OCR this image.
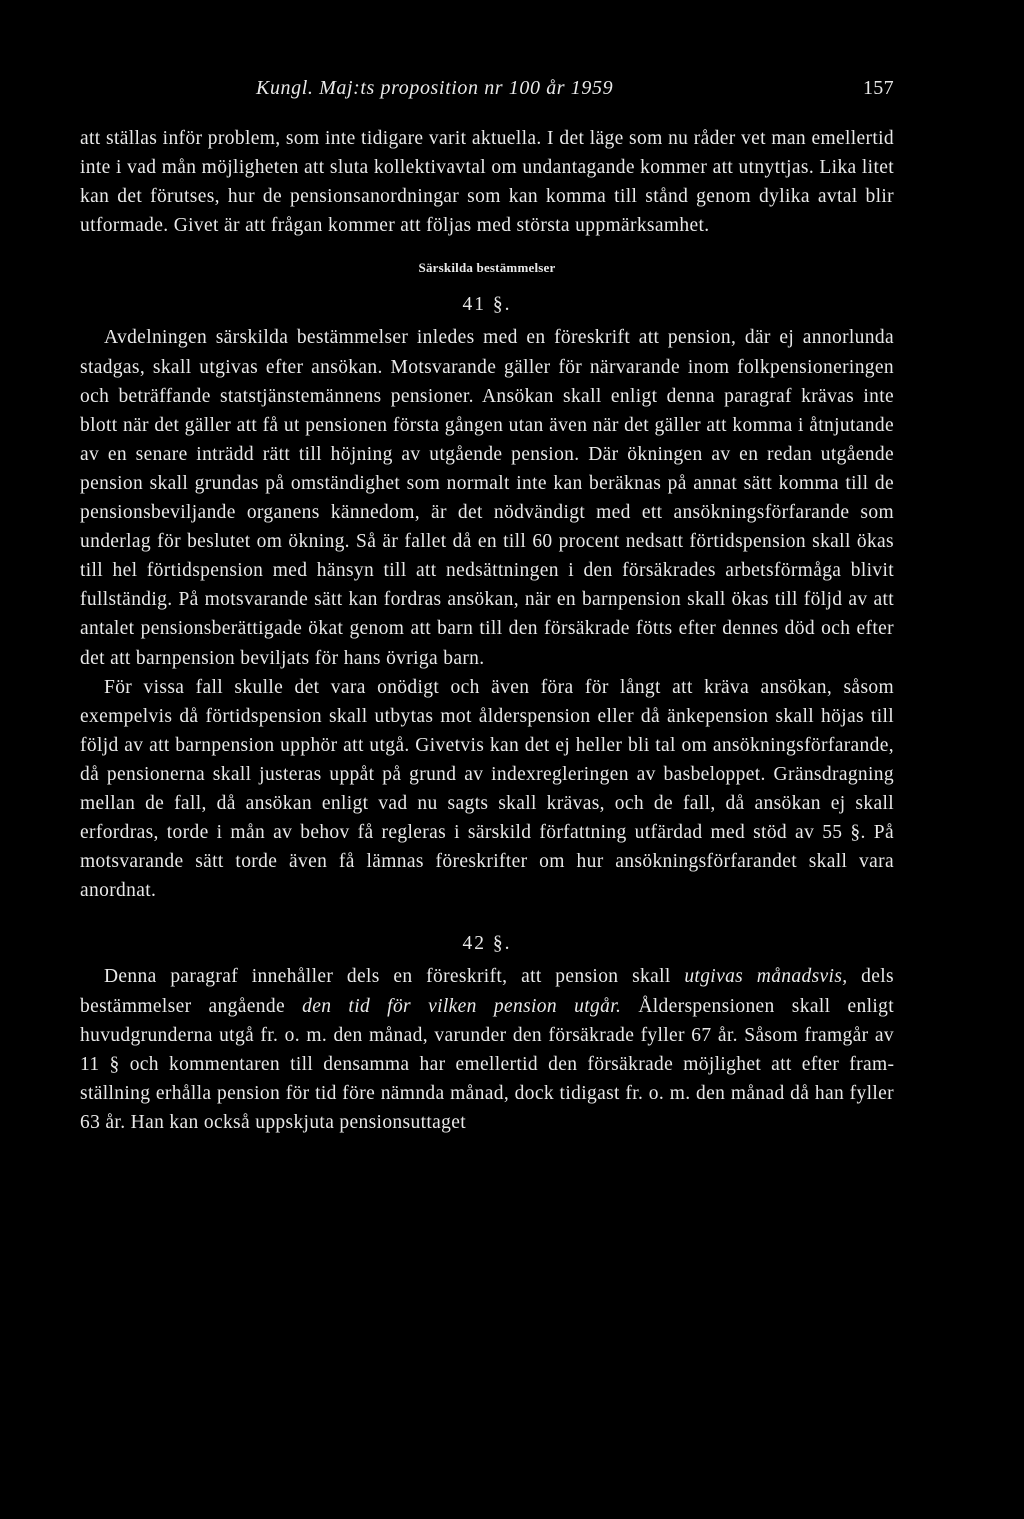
Kungl. Maj:ts proposition nr 100 år 1959	157

att ställas inför problem, som inte tidigare varit aktuella. I det läge som nu råder vet man emellertid inte i vad mån möjligheten att sluta kollektivavtal om undantagande kommer att utnyttjas. Lika litet kan det förutses, hur de pensionsanordningar som kan komma till stånd genom dylika avtal blir utformade. Givet är att frågan kommer att följas med största uppmärksamhet.

Särskilda bestämmelser
41 §.

Avdelningen särskilda bestämmelser inledes med en föreskrift att pension, där ej annorlunda stadgas, skall utgivas efter ansökan. Motsvarande gäller för närvarande inom folkpensioneringen och beträffande statstjänstemännens pensioner. Ansökan skall enligt denna paragraf krävas inte blott när det gäller att få ut pensionen första gången utan även när det gäller att komma i åtnjutande av en senare inträdd rätt till höjning av utgående pension. Där ökningen av en redan utgående pension skall grundas på omständighet som normalt inte kan beräknas på annat sätt komma till de pensionsbeviljande organens kännedom, är det nödvändigt med ett ansökningsförfarande som underlag för beslutet om ökning. Så är fallet då en till 60 procent nedsatt förtidspension skall ökas till hel förtidspension med hänsyn till att nedsättningen i den försäkrades arbetsförmåga blivit fullständig. På motsvarande sätt kan fordras ansökan, när en barnpension skall ökas till följd av att antalet pensionsberättigade ökat genom att barn till den försäkrade fötts efter dennes död och efter det att barnpension beviljats för hans övriga barn.

För vissa fall skulle det vara onödigt och även föra för långt att kräva ansökan, såsom exempelvis då förtidspension skall utbytas mot ålderspension eller då änkepension skall höjas till följd av att barnpension upphör att utgå. Givetvis kan det ej heller bli tal om ansökningsförfarande, då pensionerna skall justeras uppåt på grund av indexregleringen av basbeloppet. Gränsdragning mellan de fall, då ansökan enligt vad nu sagts skall krävas, och de fall, då ansökan ej skall erfordras, torde i mån av behov få regleras i särskild författning utfärdad med stöd av 55 §. På motsvarande sätt torde även få lämnas föreskrifter om hur ansökningsförfarandet skall vara anordnat.

42 §.

Denna paragraf innehåller dels en föreskrift, att pension skall utgivas månadsvis, dels bestämmelser angående den tid för vilken pension utgår. Ålderspensionen skall enligt huvudgrunderna utgå fr. o. m. den månad, varunder den försäkrade fyller 67 år. Såsom framgår av 11 § och kommentaren till densamma har emellertid den försäkrade möjlighet att efter framställning erhålla pension för tid före nämnda månad, dock tidigast fr. o. m. den månad då han fyller 63 år. Han kan också uppskjuta pensionsuttaget
